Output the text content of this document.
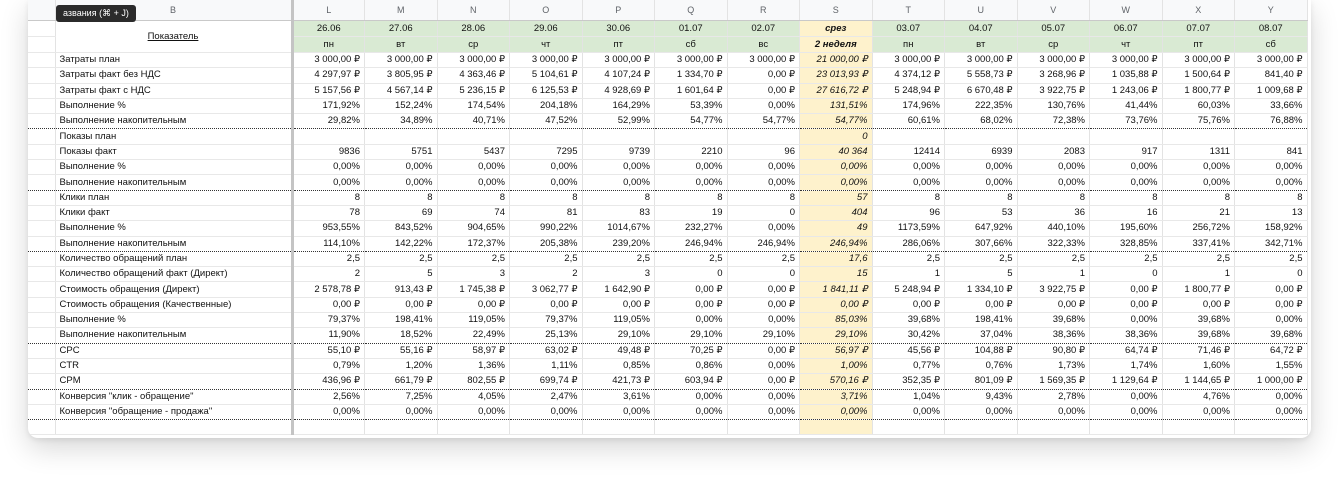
азвания (⌘ + J)
		B	L	M	N	O	P	Q	R	S	T	U	V	W	X	Y
	Показатель	26.06	27.06	28.06	29.06	30.06	01.07	02.07	срез	03.07	04.07	05.07	06.07	07.07	08.07
		пн	вт	ср	чт	пт	сб	вс	2 неделя	пн	вт	ср	чт	пт	сб
	Затраты план	3 000,00 ₽	3 000,00 ₽	3 000,00 ₽	3 000,00 ₽	3 000,00 ₽	3 000,00 ₽	3 000,00 ₽	21 000,00 ₽	3 000,00 ₽	3 000,00 ₽	3 000,00 ₽	3 000,00 ₽	3 000,00 ₽	3 000,00 ₽
	Затраты факт без НДС	4 297,97 ₽	3 805,95 ₽	4 363,46 ₽	5 104,61 ₽	4 107,24 ₽	1 334,70 ₽	0,00 ₽	23 013,93 ₽	4 374,12 ₽	5 558,73 ₽	3 268,96 ₽	1 035,88 ₽	1 500,64 ₽	841,40 ₽
	Затраты факт с НДС	5 157,56 ₽	4 567,14 ₽	5 236,15 ₽	6 125,53 ₽	4 928,69 ₽	1 601,64 ₽	0,00 ₽	27 616,72 ₽	5 248,94 ₽	6 670,48 ₽	3 922,75 ₽	1 243,06 ₽	1 800,77 ₽	1 009,68 ₽
	Выполнение %	171,92%	152,24%	174,54%	204,18%	164,29%	53,39%	0,00%	131,51%	174,96%	222,35%	130,76%	41,44%	60,03%	33,66%
	Выполнение накопительным	29,82%	34,89%	40,71%	47,52%	52,99%	54,77%	54,77%	54,77%	60,61%	68,02%	72,38%	73,76%	75,76%	76,88%
	Показы план								0						
	Показы факт	9836	5751	5437	7295	9739	2210	96	40 364	12414	6939	2083	917	1311	841
	Выполнение %	0,00%	0,00%	0,00%	0,00%	0,00%	0,00%	0,00%	0,00%	0,00%	0,00%	0,00%	0,00%	0,00%	0,00%
	Выполнение накопительным	0,00%	0,00%	0,00%	0,00%	0,00%	0,00%	0,00%	0,00%	0,00%	0,00%	0,00%	0,00%	0,00%	0,00%
	Клики план	8	8	8	8	8	8	8	57	8	8	8	8	8	8
	Клики факт	78	69	74	81	83	19	0	404	96	53	36	16	21	13
	Выполнение %	953,55%	843,52%	904,65%	990,22%	1014,67%	232,27%	0,00%	49	1173,59%	647,92%	440,10%	195,60%	256,72%	158,92%
	Выполнение накопительным	114,10%	142,22%	172,37%	205,38%	239,20%	246,94%	246,94%	246,94%	286,06%	307,66%	322,33%	328,85%	337,41%	342,71%
	Количество обращений план	2,5	2,5	2,5	2,5	2,5	2,5	2,5	17,6	2,5	2,5	2,5	2,5	2,5	2,5
	Количество обращений факт (Директ)	2	5	3	2	3	0	0	15	1	5	1	0	1	0
	Стоимость обращения (Директ)	2 578,78 ₽	913,43 ₽	1 745,38 ₽	3 062,77 ₽	1 642,90 ₽	0,00 ₽	0,00 ₽	1 841,11 ₽	5 248,94 ₽	1 334,10 ₽	3 922,75 ₽	0,00 ₽	1 800,77 ₽	0,00 ₽
	Стоимость обращения (Качественные)	0,00 ₽	0,00 ₽	0,00 ₽	0,00 ₽	0,00 ₽	0,00 ₽	0,00 ₽	0,00 ₽	0,00 ₽	0,00 ₽	0,00 ₽	0,00 ₽	0,00 ₽	0,00 ₽
	Выполнение %	79,37%	198,41%	119,05%	79,37%	119,05%	0,00%	0,00%	85,03%	39,68%	198,41%	39,68%	0,00%	39,68%	0,00%
	Выполнение накопительным	11,90%	18,52%	22,49%	25,13%	29,10%	29,10%	29,10%	29,10%	30,42%	37,04%	38,36%	38,36%	39,68%	39,68%
	CPC	55,10 ₽	55,16 ₽	58,97 ₽	63,02 ₽	49,48 ₽	70,25 ₽	0,00 ₽	56,97 ₽	45,56 ₽	104,88 ₽	90,80 ₽	64,74 ₽	71,46 ₽	64,72 ₽
	CTR	0,79%	1,20%	1,36%	1,11%	0,85%	0,86%	0,00%	1,00%	0,77%	0,76%	1,73%	1,74%	1,60%	1,55%
	CPM	436,96 ₽	661,79 ₽	802,55 ₽	699,74 ₽	421,73 ₽	603,94 ₽	0,00 ₽	570,16 ₽	352,35 ₽	801,09 ₽	1 569,35 ₽	1 129,64 ₽	1 144,65 ₽	1 000,00 ₽
	Конверсия "клик - обращение"	2,56%	7,25%	4,05%	2,47%	3,61%	0,00%	0,00%	3,71%	1,04%	9,43%	2,78%	0,00%	4,76%	0,00%
	Конверсия "обращение - продажа"	0,00%	0,00%	0,00%	0,00%	0,00%	0,00%	0,00%	0,00%	0,00%	0,00%	0,00%	0,00%	0,00%	0,00%
